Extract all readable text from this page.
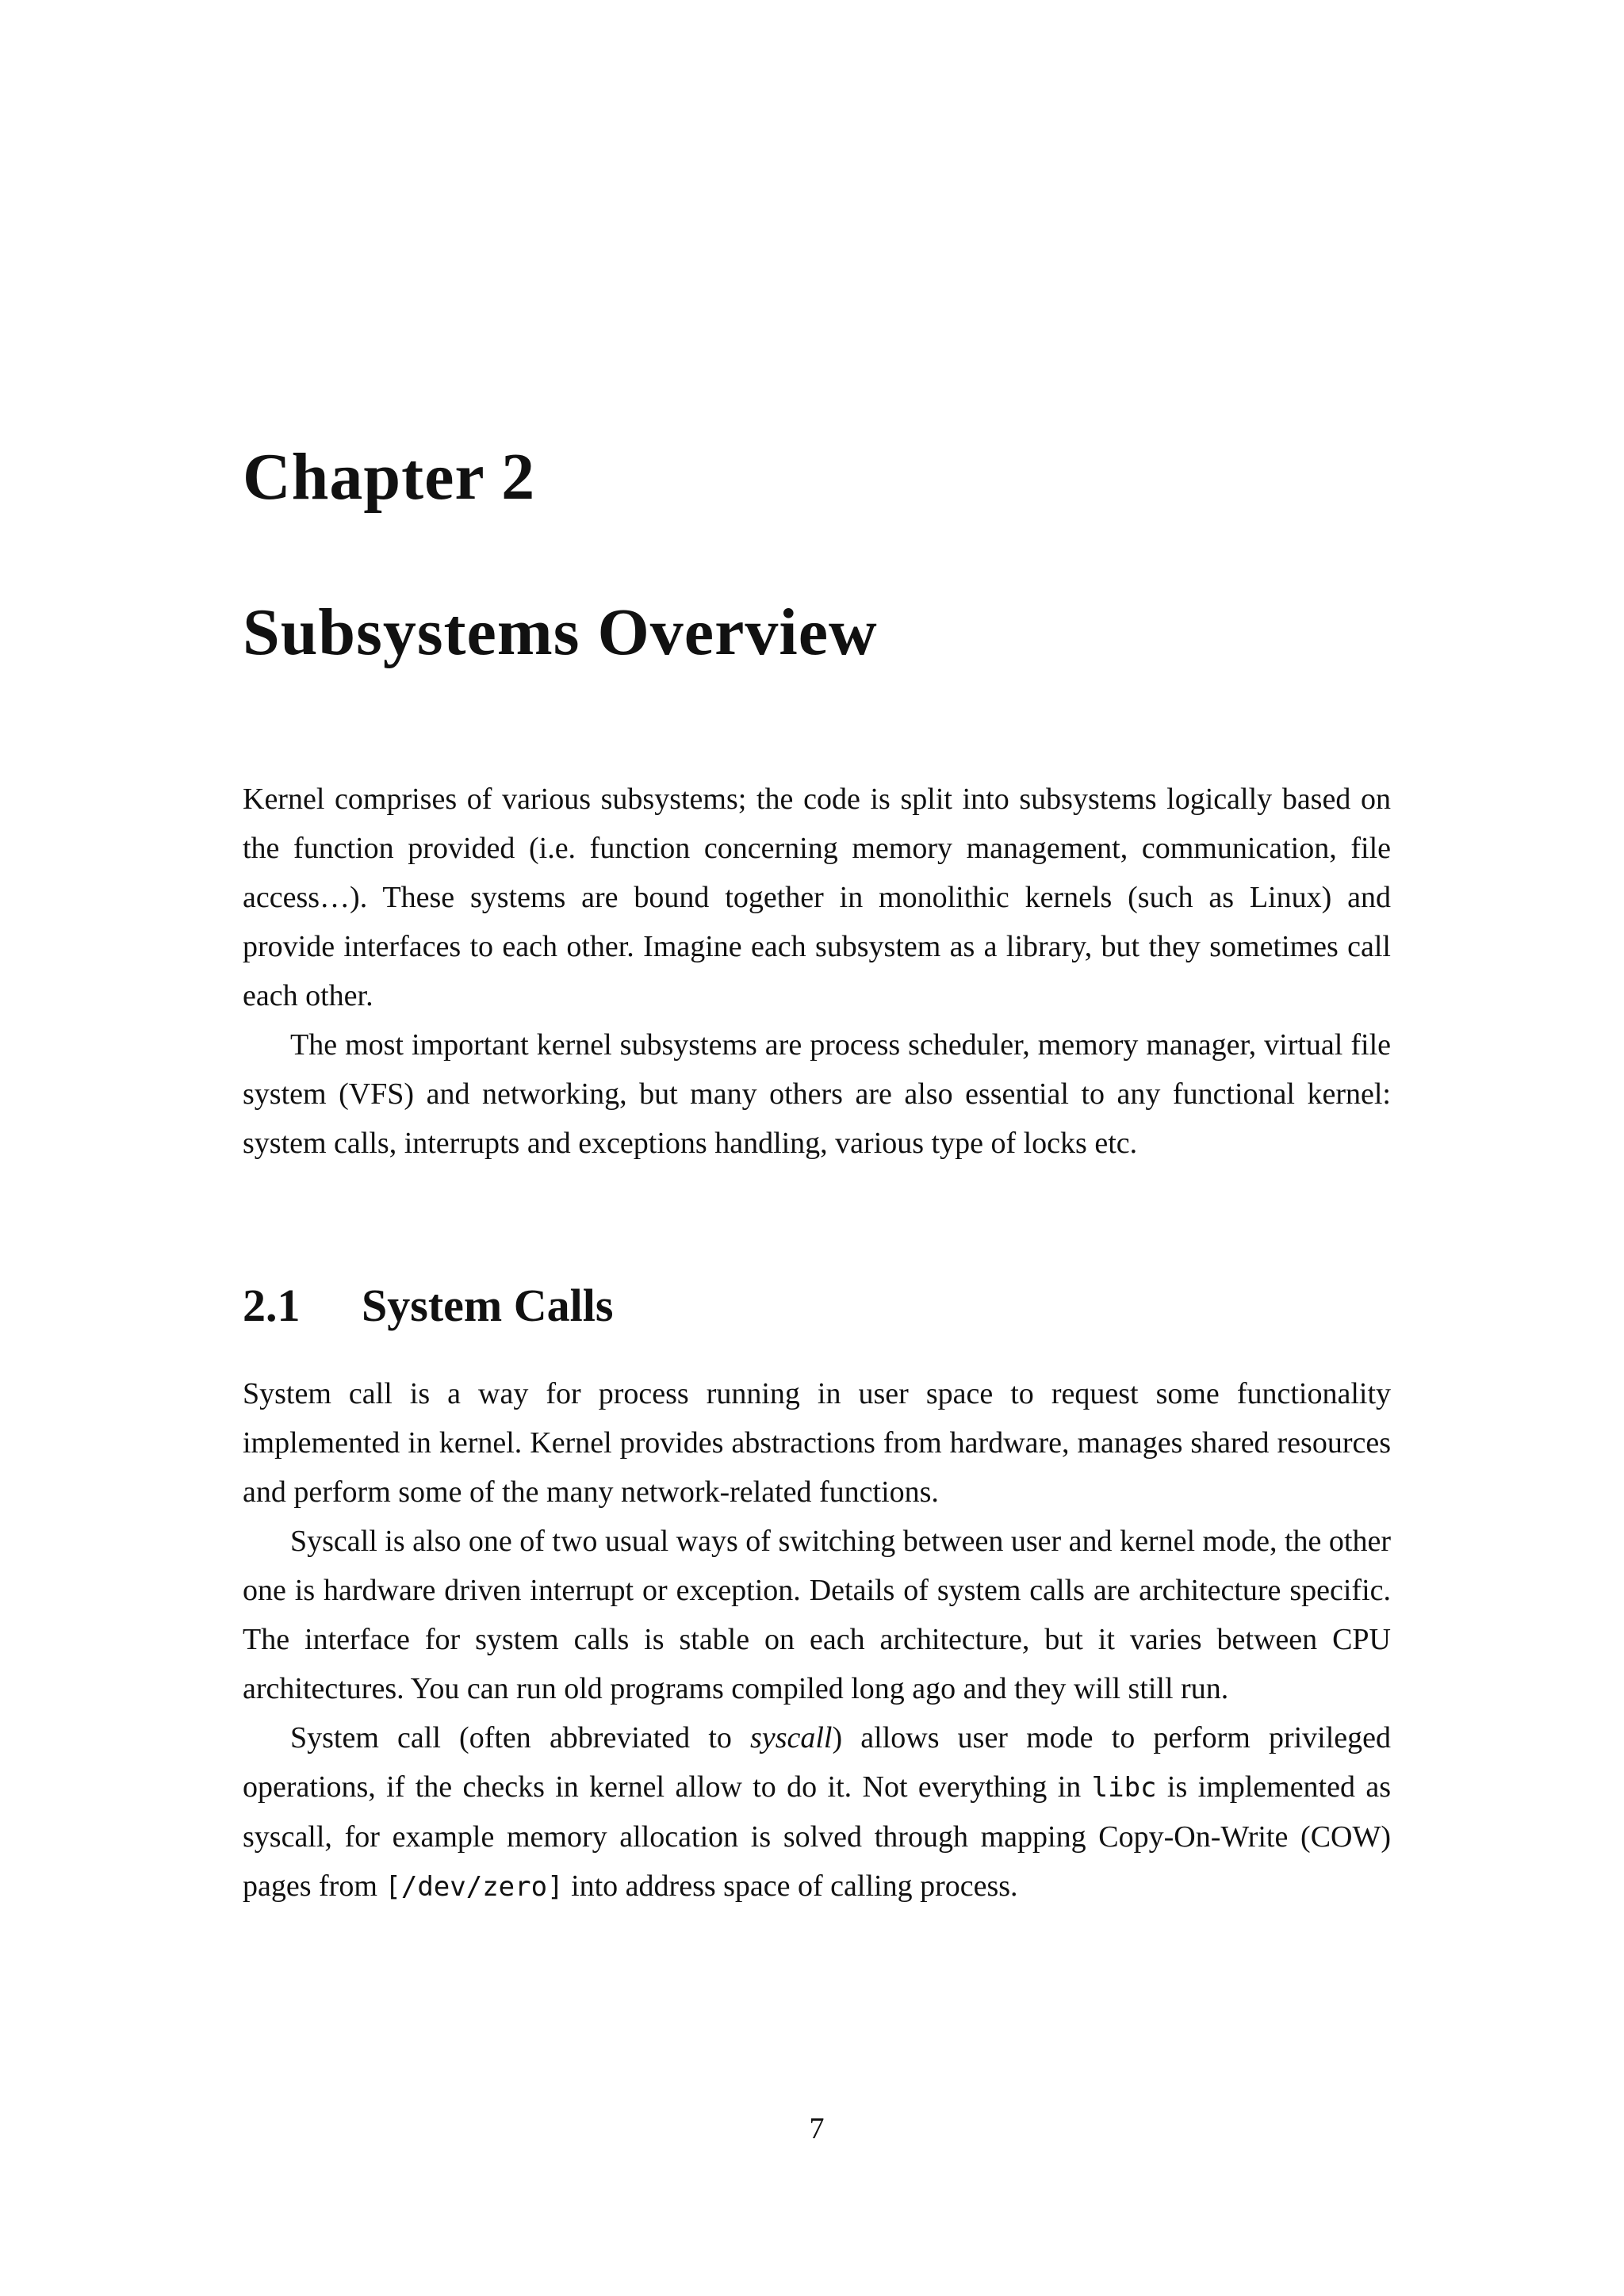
Chapter 2
Subsystems Overview

Kernel comprises of various subsystems; the code is split into subsystems logically based on the function provided (i.e. function concerning memory management, communication, file access…). These systems are bound together in monolithic kernels (such as Linux) and provide interfaces to each other. Imagine each subsystem as a library, but they sometimes call each other.

The most important kernel subsystems are process scheduler, memory manager, virtual file system (VFS) and networking, but many others are also essential to any functional kernel: system calls, interrupts and exceptions handling, various type of locks etc.

2.1	System Calls

System call is a way for process running in user space to request some functionality implemented in kernel. Kernel provides abstractions from hardware, manages shared resources and perform some of the many network-related functions.

Syscall is also one of two usual ways of switching between user and kernel mode, the other one is hardware driven interrupt or exception. Details of system calls are architecture specific. The interface for system calls is stable on each architecture, but it varies between CPU architectures. You can run old programs compiled long ago and they will still run.

System call (often abbreviated to syscall) allows user mode to perform privileged operations, if the checks in kernel allow to do it. Not everything in libc is implemented as syscall, for example memory allocation is solved through mapping Copy-On-Write (COW) pages from [/dev/zero] into address space of calling process.

7
